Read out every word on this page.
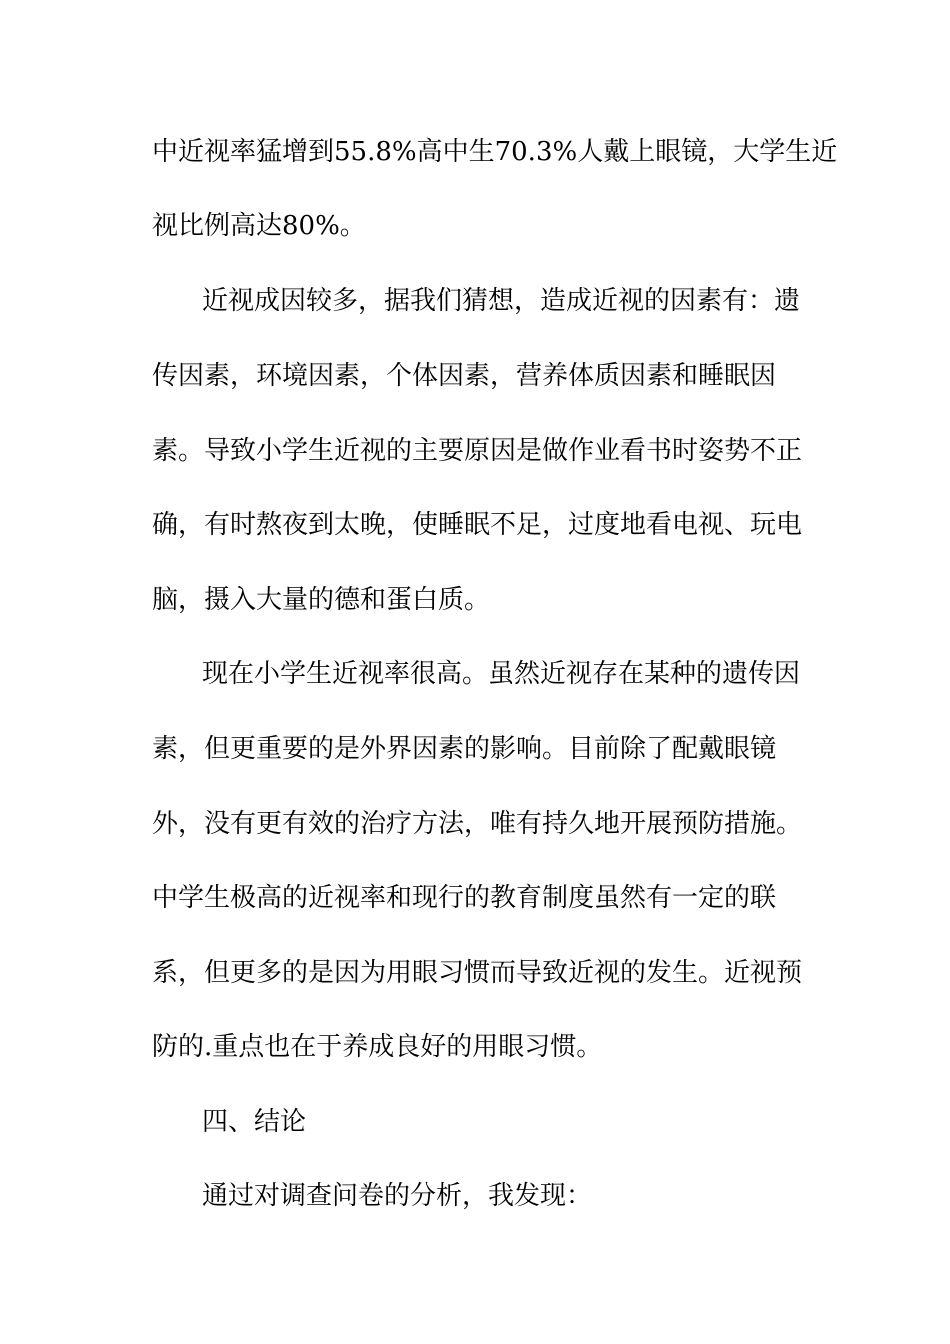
中近视率猛增到55.8%高中生70.3%人戴上眼镜，大学生近
视比例高达80%。
近视成因较多，据我们猜想，造成近视的因素有：遗
传因素，环境因素，个体因素，营养体质因素和睡眠因
素。导致小学生近视的主要原因是做作业看书时姿势不正
确，有时熬夜到太晚，使睡眠不足，过度地看电视、玩电
脑，摄入大量的德和蛋白质。
现在小学生近视率很高。虽然近视存在某种的遗传因
素，但更重要的是外界因素的影响。目前除了配戴眼镜
外，没有更有效的治疗方法，唯有持久地开展预防措施。
中学生极高的近视率和现行的教育制度虽然有一定的联
系，但更多的是因为用眼习惯而导致近视的发生。近视预
防的.重点也在于养成良好的用眼习惯。
四、结论
通过对调查问卷的分析，我发现：
